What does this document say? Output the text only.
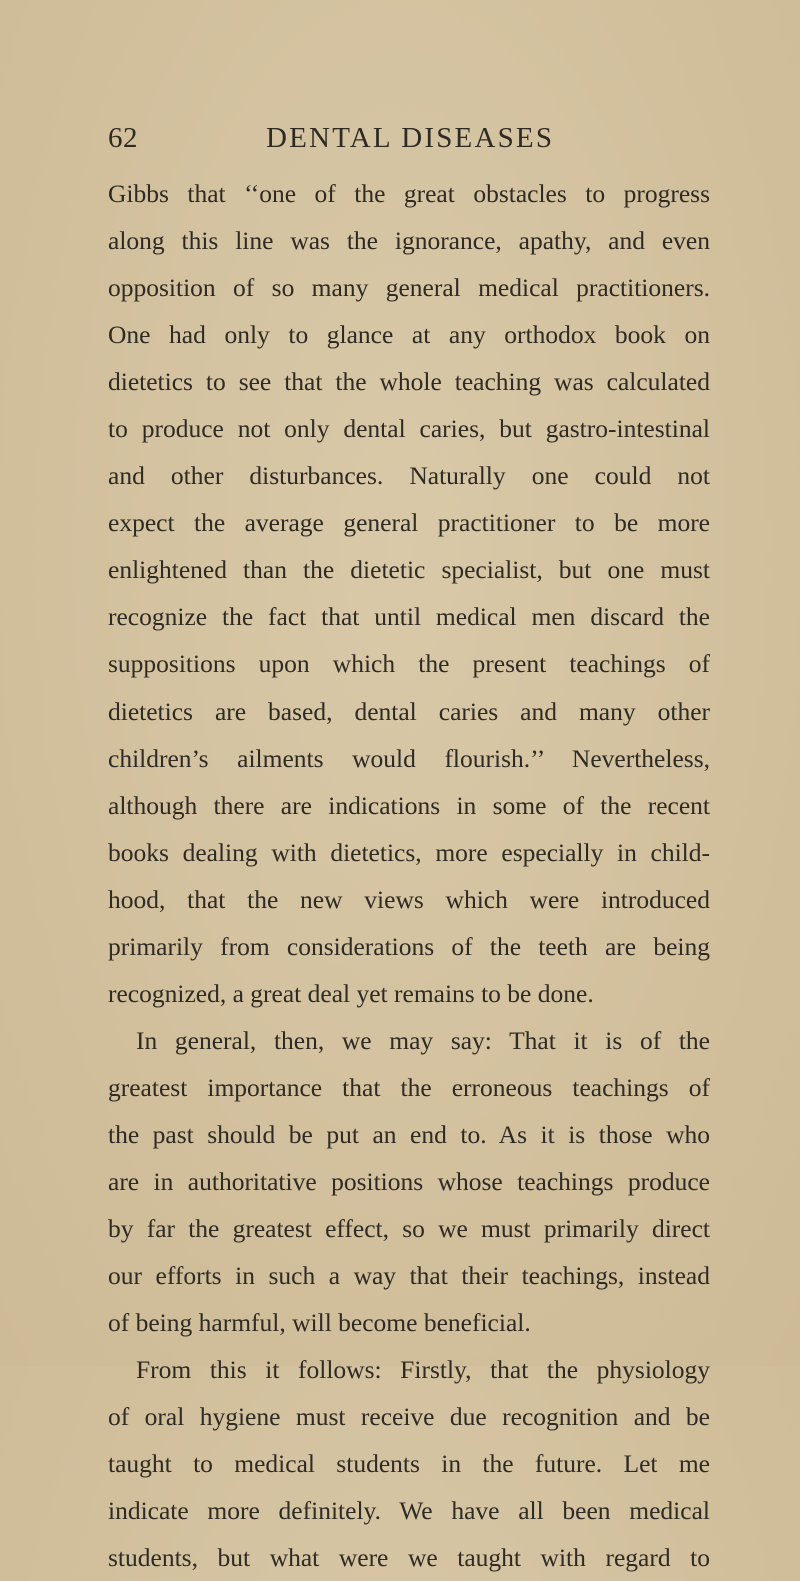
62	DENTAL DISEASES
Gibbs that ‘‘one of the great obstacles to progress
along this line was the ignorance, apathy, and even
opposition of so many general medical practitioners.
One had only to glance at any orthodox book on
dietetics to see that the whole teaching was calculated
to produce not only dental caries, but gastro-intestinal
and other disturbances. Naturally one could not
expect the average general practitioner to be more
enlightened than the dietetic specialist, but one must
recognize the fact that until medical men discard the
suppositions upon which the present teachings of
dietetics are based, dental caries and many other
children’s ailments would flourish.’’ Nevertheless,
although there are indications in some of the recent
books dealing with dietetics, more especially in child-
hood, that the new views which were introduced
primarily from considerations of the teeth are being
recognized, a great deal yet remains to be done.
In general, then, we may say: That it is of the
greatest importance that the erroneous teachings of
the past should be put an end to. As it is those who
are in authoritative positions whose teachings produce
by far the greatest effect, so we must primarily direct
our efforts in such a way that their teachings, instead
of being harmful, will become beneficial.
From this it follows: Firstly, that the physiology
of oral hygiene must receive due recognition and be
taught to medical students in the future. Let me
indicate more definitely. We have all been medical
students, but what were we taught with regard to
